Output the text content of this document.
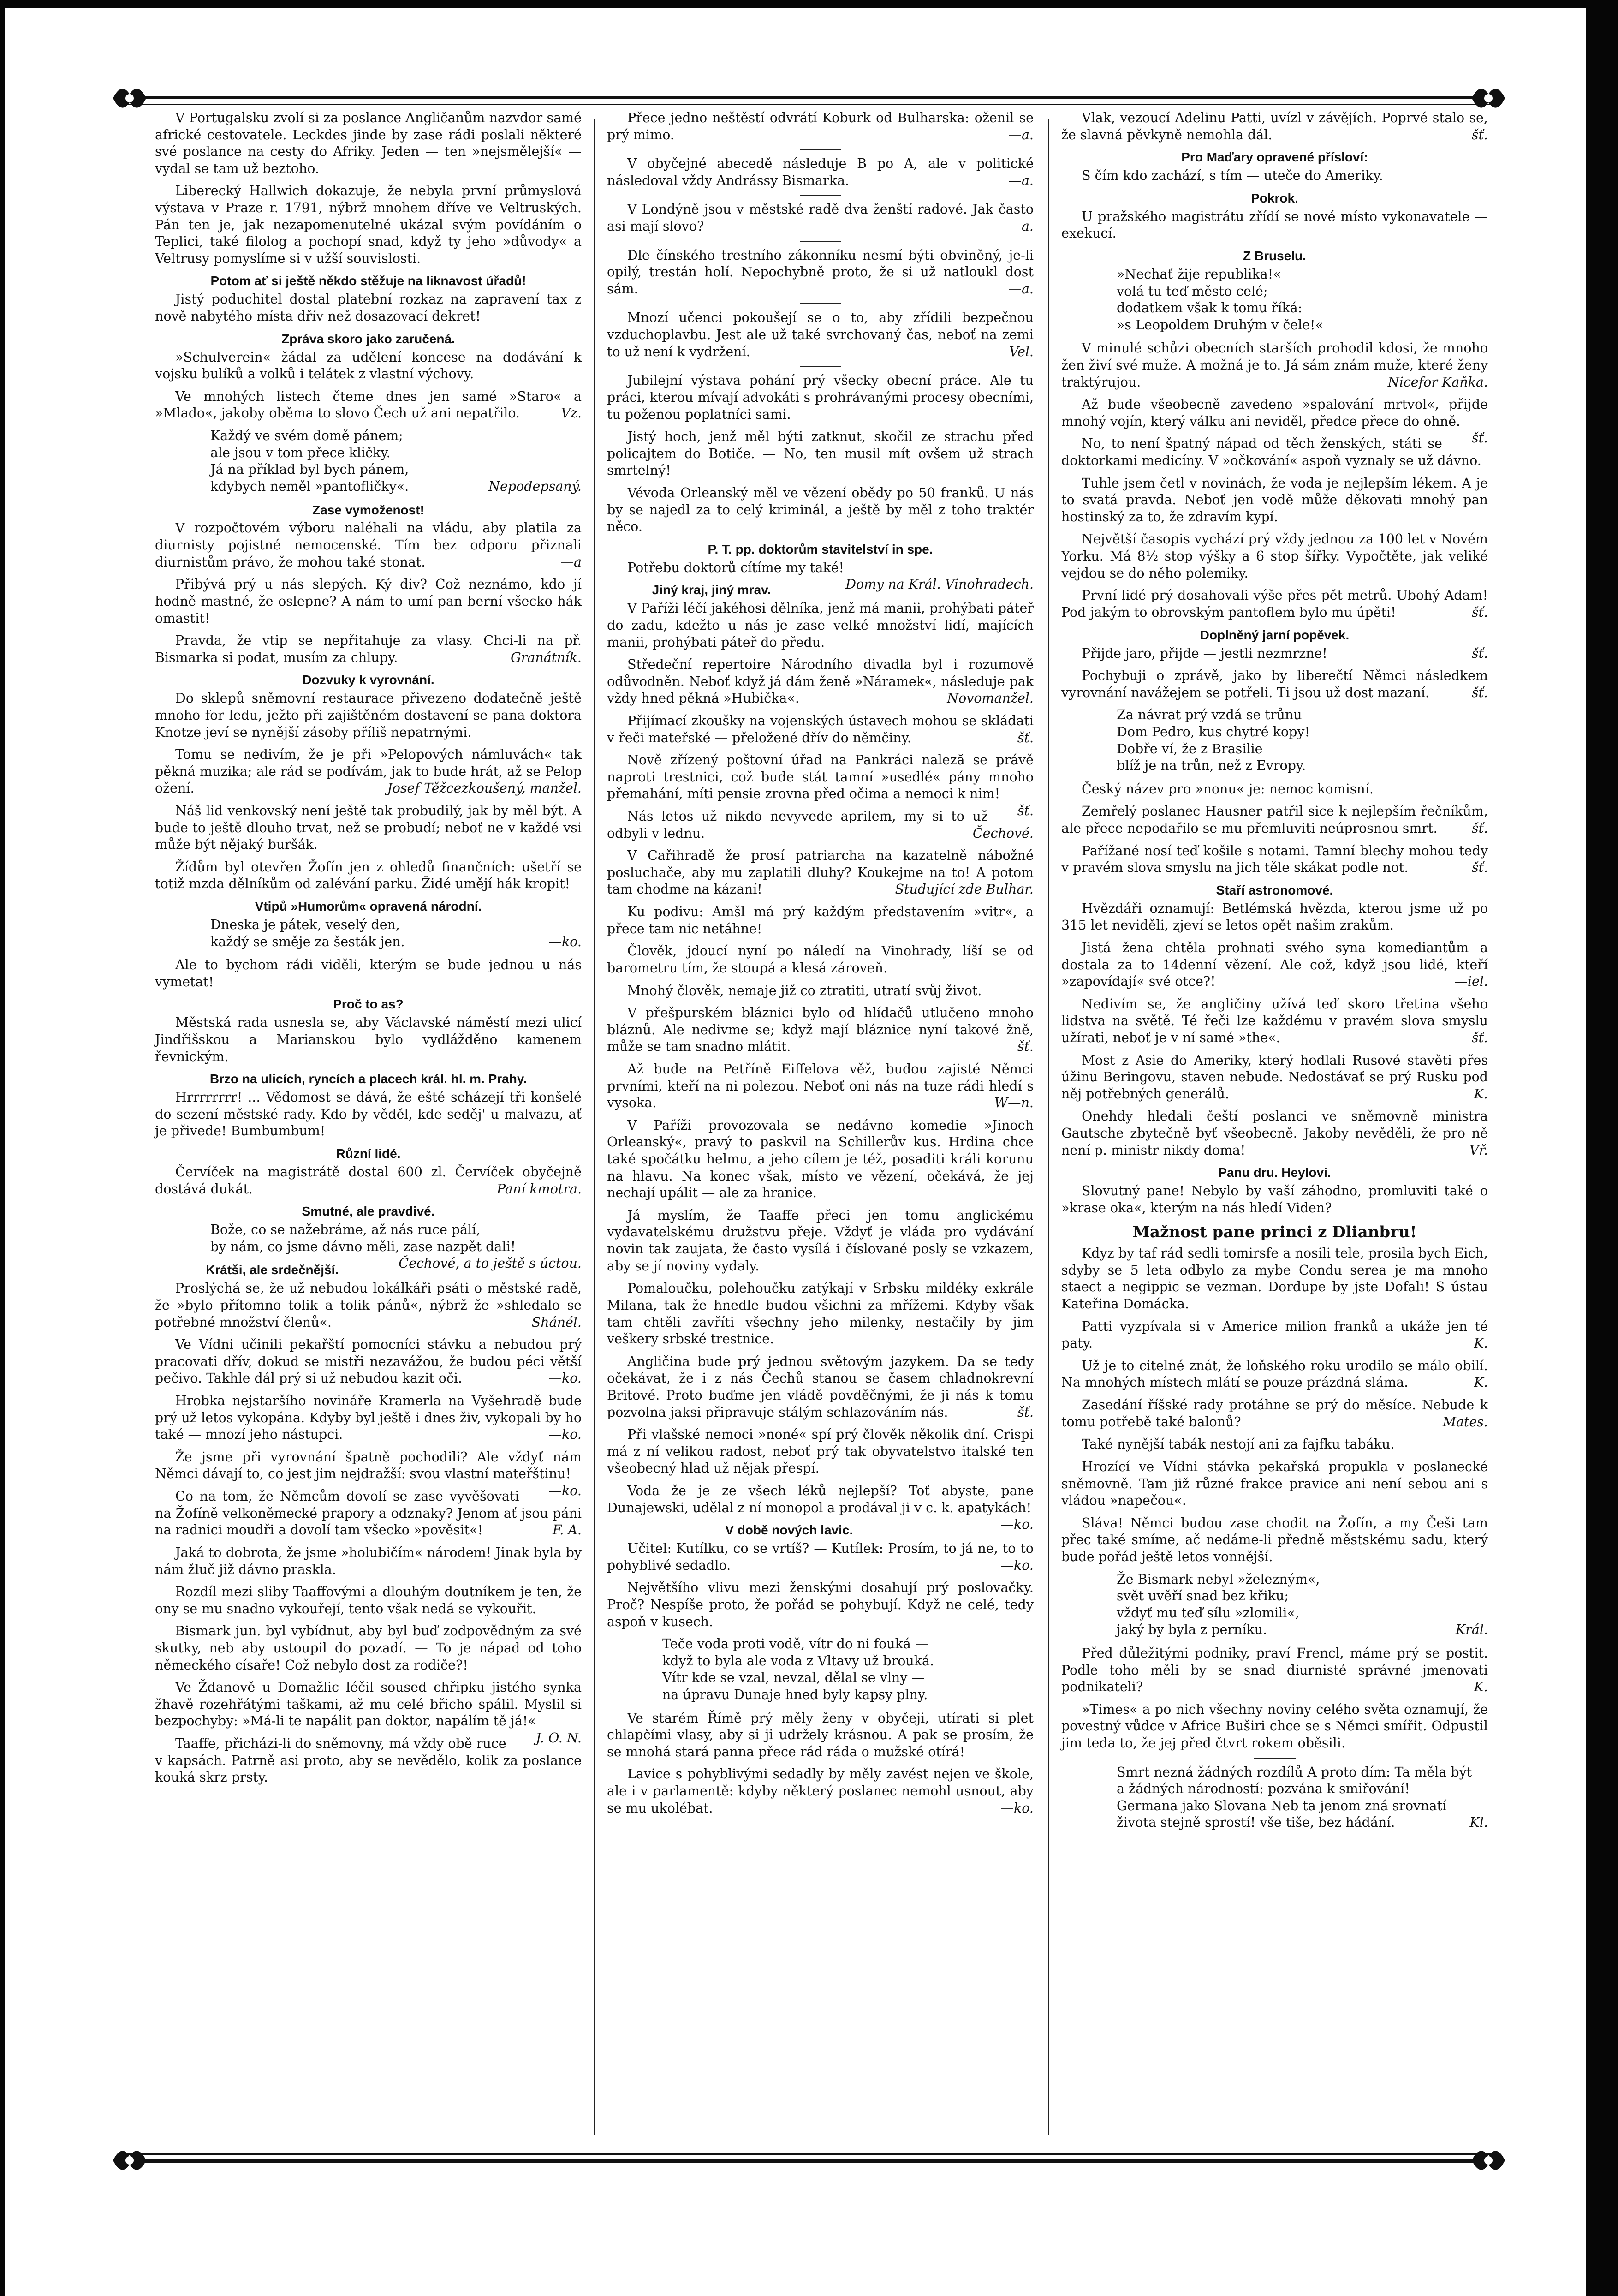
V Portugalsku zvolí si za poslance Angličanům nazvdor samé africké cestovatele. Leckdes jinde by zase rádi poslali některé své poslance na cesty do Afriky. Jeden — ten »nejsmělejší« — vydal se tam už beztoho.

Liberecký Hallwich dokazuje, že nebyla první průmyslová výstava v Praze r. 1791, nýbrž mnohem dříve ve Veltruských. Pán ten je, jak nezapomenutelné ukázal svým povídáním o Teplici, také filolog a pochopí snad, když ty jeho »důvody« a Veltrusy pomyslíme si v užší souvislosti.

Potom ať si ještě někdo stěžuje na liknavost úřadů!

Jistý poduchitel dostal platební rozkaz na zapravení tax z nově nabytého místa dřív než dosazovací dekret!

Zpráva skoro jako zaručená.

»Schulverein« žádal za udělení koncese na dodávání k vojsku bulíků a volků i telátek z vlastní výchovy.

Ve mnohých listech čteme dnes jen samé »Staro« a »Mlado«, jakoby oběma to slovo Čech už ani nepatřilo.	Vz.

Každý ve svém domě pánem;
ale jsou v tom přece kličky.
Já na příklad byl bych pánem,
kdybych neměl »pantofličky«.	Nepodepsaný.
Zase vymoženost!

V rozpočtovém výboru naléhali na vládu, aby platila za diurnisty pojistné nemocenské. Tím bez odporu přiznali diurnistům právo, že mohou také stonat.	—a

Přibývá prý u nás slepých. Ký div? Což neznámo, kdo jí hodně mastné, že oslepne? A nám to umí pan berní všecko hák omastit!

Pravda, že vtip se nepřitahuje za vlasy. Chci-li na př. Bismarka si podat, musím za chlupy.	Granátník.

Dozvuky k vyrovnání.

Do sklepů sněmovní restaurace přivezeno dodatečně ještě mnoho for ledu, ježto při zajištěném dostavení se pana doktora Knotze jeví se nynější zásoby příliš nepatrnými.

Tomu se nedivím, že je při »Pelopových námluvách« tak pěkná muzika; ale rád se podívám, jak to bude hrát, až se Pelop ožení.	Josef Těžcezkoušený, manžel.

Náš lid venkovský není ještě tak probudilý, jak by měl být. A bude to ještě dlouho trvat, než se probudí; neboť ne v každé vsi může být nějaký buršák.

Žídům byl otevřen Žofín jen z ohledů finančních: ušetří se totiž mzda dělníkům od zalévání parku. Židé umějí hák kropit!

Vtipů »Humorům« opravená národní.
Dneska je pátek, veselý den,
každý se směje za šesták jen.	—ko.

Ale to bychom rádi viděli, kterým se bude jednou u nás vymetat!

Proč to as?

Městská rada usnesla se, aby Václavské náměstí mezi ulicí Jindřišskou a Marianskou bylo vydlážděno kamenem řevnickým.

Brzo na ulicích, ryncích a placech král. hl. m. Prahy.

Hrrrrrrrr! ... Vědomost se dává, že ešté scházejí tři konšelé do sezení městské rady. Kdo by věděl, kde seděj' u malvazu, ať je přivede! Bumbumbum!

Různí lidé.

Červíček na magistrátě dostal 600 zl. Červíček obyčejně dostává dukát.	Paní kmotra.

Smutné, ale pravdivé.
Bože, co se nažebráme, až nás ruce pálí,
by nám, co jsme dávno měli, zase nazpět dali!
Čechové, a to ještě s úctou.
Krátši, ale srdečnější.

Proslýchá se, že už nebudou lokálkáři psáti o městské radě, že »bylo přítomno tolik a tolik pánů«, nýbrž že »shledalo se potřebné množství členů«.	Shánél.

Ve Vídni učinili pekařští pomocníci stávku a nebudou prý pracovati dřív, dokud se mistři nezavážou, že budou péci větší pečivo. Takhle dál prý si už nebudou kazit oči.	—ko.

Hrobka nejstaršího novináře Kramerla na Vyšehradě bude prý už letos vykopána. Kdyby byl ještě i dnes živ, vykopali by ho také — mnozí jeho nástupci.	—ko.

Že jsme při vyrovnání špatně pochodili? Ale vždyť nám Němci dávají to, co jest jim nejdražší: svou vlastní mateřštinu!
—ko.

Co na tom, že Němcům dovolí se zase vyvěšovati na Žofíně velkoněmecké prapory a odznaky? Jenom ať jsou páni na radnici moudři a dovolí tam všecko »pověsit«!	F. A.

Jaká to dobrota, že jsme »holubičím« národem! Jinak byla by nám žluč již dávno praskla.

Rozdíl mezi sliby Taaffovými a dlouhým doutníkem je ten, že ony se mu snadno vykouřejí, tento však nedá se vykouřit.

Bismark jun. byl vybídnut, aby byl buď zodpovědným za své skutky, neb aby ustoupil do pozadí. — To je nápad od toho německého císaře! Což nebylo dost za rodiče?!

Ve Ždanově u Domažlic léčil soused chřipku jistého synka žhavě rozehřátými taškami, až mu celé břicho spálil. Myslil si bezpochyby: »Má-li te napálit pan doktor, napálím tě já!«
J. O. N.

Taaffe, přicházi-li do sněmovny, má vždy obě ruce v kapsách. Patrně asi proto, aby se nevědělo, kolik za poslance kouká skrz prsty.

Přece jedno neštěstí odvrátí Koburk od Bulharska: oženil se prý mimo.	—a.

V obyčejné abecedě následuje B po A, ale v politické následoval vždy Andrássy Bismarka.	—a.

V Londýně jsou v městské radě dva ženští radové. Jak často asi mají slovo?	—a.

Dle čínského trestního zákonníku nesmí býti obviněný, je-li opilý, trestán holí. Nepochybně proto, že si už natloukl dost sám.	—a.

Mnozí učenci pokoušejí se o to, aby zřídili bezpečnou vzduchoplavbu. Jest ale už také svrchovaný čas, neboť na zemi to už není k vydržení.	Vel.

Jubilejní výstava pohání prý všecky obecní práce. Ale tu práci, kterou mívají advokáti s prohrávanými procesy obecními, tu poženou poplatníci sami.

Jistý hoch, jenž měl býti zatknut, skočil ze strachu před policajtem do Botiče. — No, ten musil mít ovšem už strach smrtelný!

Vévoda Orleanský měl ve vězení obědy po 50 franků. U nás by se najedl za to celý kriminál, a ještě by měl z toho traktér něco.

P. T. pp. doktorům stavitelství in spe.

Potřebu doktorů cítíme my také!
Domy na Král. Vinohradech.

Jiný kraj, jiný mrav.

V Paříži léčí jakéhosi dělníka, jenž má manii, prohýbati páteř do zadu, kdežto u nás je zase velké množství lidí, majících manii, prohýbati páteř do předu.

Středeční repertoire Národního divadla byl i rozumově odůvodněn. Neboť když já dám ženě »Náramek«, následuje pak vždy hned pěkná »Hubička«.	Novomanžel.

Přijímací zkoušky na vojenských ústavech mohou se skládati v řeči mateřské — přeložené dřív do němčiny.	šť.

Nově zřízený poštovní úřad na Pankráci naleză se právě naproti trestnici, což bude stát tamní »usedlé« pány mnoho přemahání, míti pensie zrovna před očima a nemoci k nim!
šť.

Nás letos už nikdo nevyvede aprilem, my si to už odbyli v lednu.	Čechové.

V Cařihradě že prosí patriarcha na kazatelně nábožné posluchače, aby mu zaplatili dluhy? Koukejme na to! A potom tam chodme na kázaní!	Studující zde Bulhar.

Ku podivu: Amšl má prý každým představením »vitr«, a přece tam nic netáhne!

Člověk, jdoucí nyní po náledí na Vinohrady, líší se od barometru tím, že stoupá a klesá zároveň.

Mnohý člověk, nemaje již co ztratiti, utratí svůj život.

V přešpurském bláznici bylo od hlídačů utlučeno mnoho bláznů. Ale nedivme se; když mají bláznice nyní takové žně, může se tam snadno mlátit.	šť.

Až bude na Petříně Eiffelova věž, budou zajisté Němci prvními, kteří na ni polezou. Neboť oni nás na tuze rádi hledí s vysoka.	W—n.

V Paříži provozovala se nedávno komedie »Jinoch Orleanský«, pravý to paskvil na Schillerův kus. Hrdina chce také spočátku helmu, a jeho cílem je též, posaditi králi korunu na hlavu. Na konec však, místo ve vězení, očekává, že jej nechají upálit — ale za hranice.

Já myslím, že Taaffe přeci jen tomu anglickému vydavatelskému družstvu přeje. Vždyť je vláda pro vydávání novin tak zaujata, že často vysílá i číslované posly se vzkazem, aby se jí noviny vydaly.

Pomaloučku, polehoučku zatýkají v Srbsku mildéky exkrále Milana, tak že hnedle budou všichni za mřížemi. Kdyby však tam chtěli zavříti všechny jeho milenky, nestačily by jim veškery srbské trestnice.

Angličina bude prý jednou světovým jazykem. Da se tedy očekávat, že i z nás Čechů stanou se časem chladnokrevní Britové. Proto buďme jen vládě povděčnými, že ji nás k tomu pozvolna jaksi připravuje stálým schlazováním nás.	šť.

Při vlašské nemoci »noné« spí prý člověk několik dní. Crispi má z ní velikou radost, neboť prý tak obyvatelstvo italské ten všeobecný hlad už nějak přespí.

Voda že je ze všech léků nejlepší? Toť abyste, pane Dunajewski, udělal z ní monopol a prodával ji v c. k. apatykách!
—ko.

V době nových lavic.

Učitel: Kutílku, co se vrtíš? — Kutílek: Prosím, to já ne, to to pohyblivé sedadlo.	—ko.

Největšího vlivu mezi ženskými dosahují prý poslovačky. Proč? Nespíše proto, že pořád se pohybují. Když ne celé, tedy aspoň v kusech.

Teče voda proti vodě, vítr do ni fouká —
když to byla ale voda z Vltavy už brouká.
Vítr kde se vzal, nevzal, dělal se vlny —
na úpravu Dunaje hned byly kapsy plny.

Ve starém Římě prý měly ženy v obyčeji, utírati si plet chlapčími vlasy, aby si ji udržely krásnou. A pak se prosím, že se mnohá stará panna přece rád ráda o mužské otírá!

Lavice s pohyblivými sedadly by měly zavést nejen ve škole, ale i v parlamentě: kdyby některý poslanec nemohl usnout, aby se mu ukolébat.	—ko.

Vlak, vezoucí Adelinu Patti, uvízl v závějích. Poprvé stalo se, že slavná pěvkyně nemohla dál.	šť.

Pro Maďary opravené přísloví:

S čím kdo zachází, s tím — uteče do Ameriky.

Pokrok.

U pražského magistrátu zřídí se nové místo vykonavatele — exekucí.

Z Bruselu.
»Nechať žije republika!«
volá tu teď město celé;
dodatkem však k tomu říká:
»s Leopoldem Druhým v čele!«

V minulé schůzi obecních starších prohodil kdosi, že mnoho žen živí své muže. A možná je to. Já sám znám muže, které ženy traktýrujou.	Nicefor Kaňka.

Až bude všeobecně zavedeno »spalování mrtvol«, přijde mnohý vojín, který válku ani neviděl, předce přece do ohně.
šť.

No, to není špatný nápad od těch ženských, státi se doktorkami medicíny. V »očkování« aspoň vyznaly se už dávno.

Tuhle jsem četl v novinách, že voda je nejlepším lékem. A je to svatá pravda. Neboť jen vodě může děkovati mnohý pan hostinský za to, že zdravím kypí.

Největší časopis vychází prý vždy jednou za 100 let v Novém Yorku. Má 8½ stop výšky a 6 stop šířky. Vypočtěte, jak veliké vejdou se do něho polemiky.

První lidé prý dosahovali výše přes pět metrů. Ubohý Adam! Pod jakým to obrovským pantoflem bylo mu úpěti!	šť.

Doplněný jarní popěvek.

Přijde jaro, přijde — jestli nezmrzne!	šť.

Pochybuji o zprávě, jako by liberečtí Němci následkem vyrovnání navážejem se potřeli. Ti jsou už dost mazaní.	šť.

Za návrat prý vzdá se trůnu
Dom Pedro, kus chytré kopy!
Dobře ví, že z Brasilie
blíž je na trůn, než z Evropy.

Český název pro »nonu« je: nemoc komisní.

Zemřelý poslanec Hausner patřil sice k nejlepším řečníkům, ale přece nepodařilo se mu přemluviti neúprosnou smrt.	šť.

Pařížané nosí teď košile s notami. Tamní blechy mohou tedy v pravém slova smyslu na jich těle skákat podle not.	šť.

Staří astronomové.

Hvězdáři oznamují: Betlémská hvězda, kterou jsme už po 315 let neviděli, zjeví se letos opět našim zrakům.

Jistá žena chtěla prohnati svého syna komediantům a dostala za to 14denní vězení. Ale což, když jsou lidé, kteří »zapovídají« své otce?!	—iel.

Nedivím se, že angličiny užívá teď skoro třetina všeho lidstva na světě. Té řeči lze každému v pravém slova smyslu užírati, neboť je v ní samé »the«.	šť.

Most z Asie do Ameriky, který hodlali Rusové stavěti přes úžinu Beringovu, staven nebude. Nedostávať se prý Rusku pod něj potřebných generálů.	K.

Onehdy hledali čeští poslanci ve sněmovně ministra Gautsche zbytečně byť všeobecně. Jakoby nevěděli, že pro ně není p. ministr nikdy doma!	Vř.

Panu dru. Heylovi.

Slovutný pane! Nebylo by vaší záhodno, promluviti také o »krase oka«, kterým na nás hledí Viden?

Mažnost pane princi z Dlianbru!

Kdyz by taf rád sedli tomirsfe a nosili tele, prosila bych Eich, sdyby se 5 leta odbylo za mybe Condu serea je ma mnoho staect a negippic se vezman. Dordupe by jste Dofali! S ústau Kateřina Domácka.

Patti vyzpívala si v Americe milion franků a ukáže jen té paty.	K.

Už je to citelné znát, že loňského roku urodilo se málo obilí. Na mnohých místech mlátí se pouze prázdná sláma.	K.

Zasedání říšské rady protáhne se prý do měsíce. Nebude k tomu potřebě také balonů?	Mates.

Také nynější tabák nestojí ani za fajfku tabáku.

Hrozící ve Vídni stávka pekařská propukla v poslanecké sněmovně. Tam již různé frakce pravice ani není sebou ani s vládou »napečou«.

Sláva! Němci budou zase chodit na Žofín, a my Češi tam přec také smíme, ač nedáme-li předně městskému sadu, který bude pořád ještě letos vonnější.

Že Bismark nebyl »železným«,
svět uvěří snad bez křiku;
vždyť mu teď sílu »zlomili«,
jaký by byla z perníku.	Král.

Před důležitými podniky, praví Frencl, máme prý se postit. Podle toho měli by se snad diurnisté správné jmenovati podnikateli?	K.

»Times« a po nich všechny noviny celého světa oznamují, že povestný vůdce v Africe Buširi chce se s Němci smířit. Odpustil jim teda to, že jej před čtvrt rokem oběsili.

Smrt nezná žádných rozdílů A proto dím: Ta měla být
a žádných národností: pozvána k smiřování!
Germana jako Slovana Neb ta jenom zná srovnatí
života stejně sprostí! vše tiše, bez hádání.	Kl.
